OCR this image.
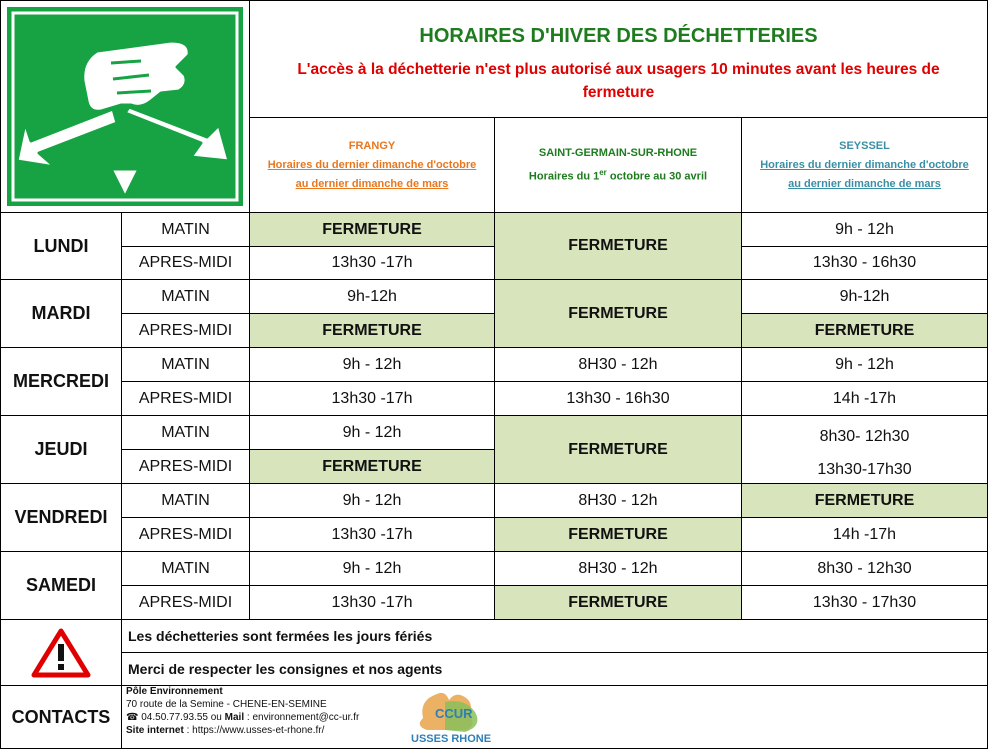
HORAIRES D'HIVER DES DÉCHETTERIES
L'accès à la déchetterie n'est plus autorisé aux usagers 10 minutes avant les heures de fermeture
FRANGY
Horaires du dernier dimanche d'octobre
au dernier dimanche de mars
SAINT-GERMAIN-SUR-RHONE
Horaires du 1er octobre au 30 avril
SEYSSEL
Horaires du dernier dimanche d'octobre
au dernier dimanche de mars
LUNDI
MATIN
APRES-MIDI
FERMETURE
13h30 -17h
FERMETURE
9h - 12h
13h30 - 16h30
MARDI
MATIN
APRES-MIDI
9h-12h
FERMETURE
FERMETURE
9h-12h
FERMETURE
MERCREDI
MATIN
APRES-MIDI
9h - 12h
13h30 -17h
8H30 - 12h
13h30 - 16h30
9h - 12h
14h -17h
JEUDI
MATIN
APRES-MIDI
9h - 12h
FERMETURE
FERMETURE
8h30- 12h30
13h30-17h30
VENDREDI
MATIN
APRES-MIDI
9h - 12h
13h30 -17h
8H30 - 12h
FERMETURE
FERMETURE
14h -17h
SAMEDI
MATIN
APRES-MIDI
9h - 12h
13h30 -17h
8H30 - 12h
FERMETURE
8h30 - 12h30
13h30 - 17h30
Les déchetteries sont fermées les jours fériés
Merci de respecter les consignes et nos agents
CONTACTS
Pôle Environnement
70 route de la Semine - CHENE-EN-SEMINE
☎ 04.50.77.93.55 ou Mail : environnement@cc-ur.fr
Site internet : https://www.usses-et-rhone.fr/
CCUR
USSES RHONE
